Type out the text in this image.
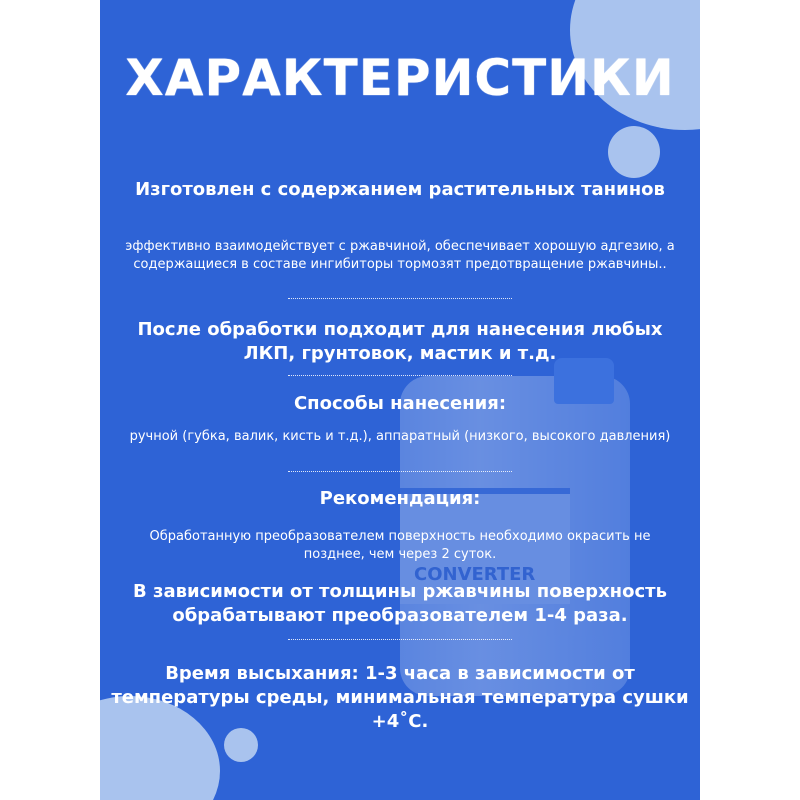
CONVERTER
ХАРАКТЕРИСТИКИ
Изготовлен с содержанием растительных танинов
эффективно взаимодействует с ржавчиной, обеспечивает хорошую адгезию, а содержащиеся в составе ингибиторы тормозят предотвращение ржавчины..
После обработки подходит для нанесения любых ЛКП, грунтовок, мастик и т.д.
Способы нанесения:
ручной (губка, валик, кисть и т.д.), аппаратный (низкого, высокого давления)
Рекомендация:
Обработанную преобразователем поверхность необходимо окрасить не позднее, чем через 2 суток.
В зависимости от толщины ржавчины поверхность обрабатывают преобразователем 1-4 раза.
Время высыхания: 1-3 часа в зависимости от температуры среды, минимальная температура сушки +4˚С.
